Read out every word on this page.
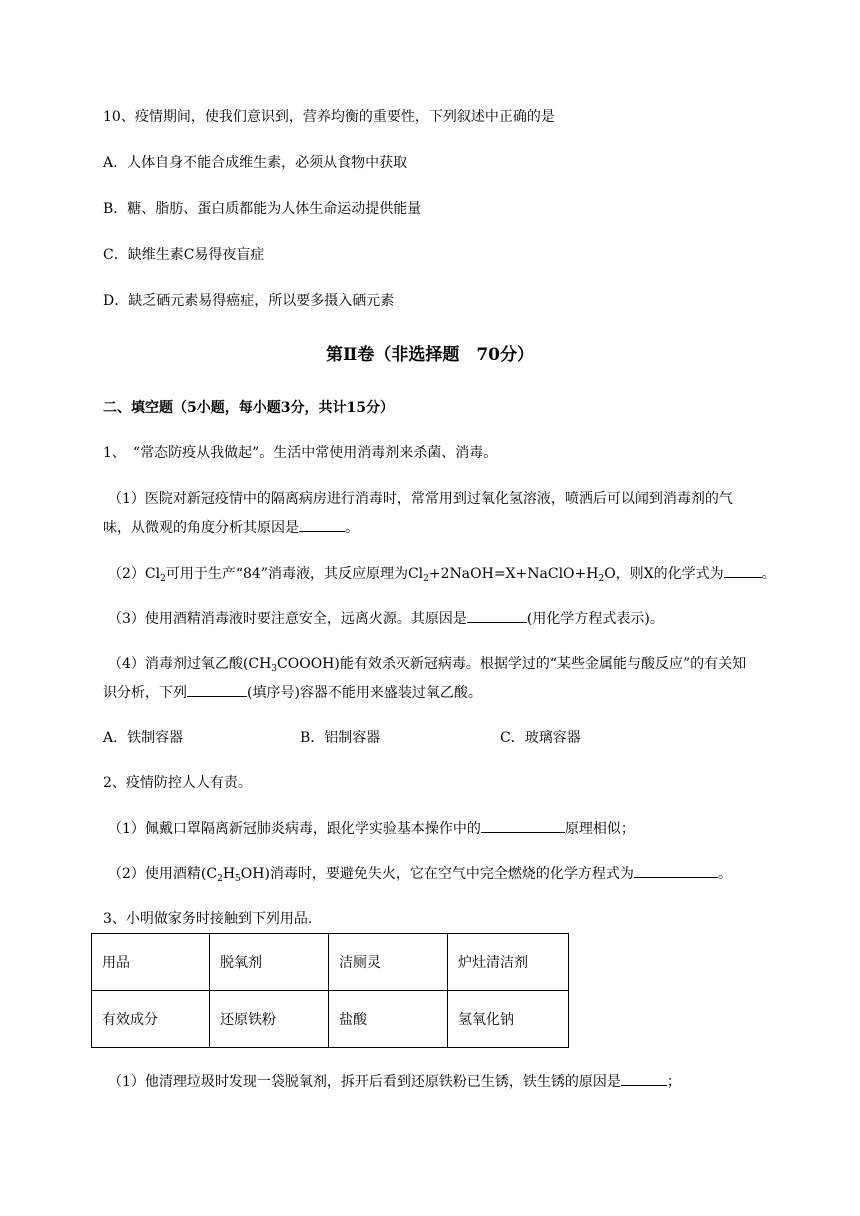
10、疫情期间，使我们意识到，营养均衡的重要性，下列叙述中正确的是
A．人体自身不能合成维生素，必须从食物中获取
B．糖、脂肪、蛋白质都能为人体生命运动提供能量
C．缺维生素C易得夜盲症
D．缺乏硒元素易得癌症，所以要多摄入硒元素
第Ⅱ卷（非选择题　70分）
二、填空题（5小题，每小题3分，共计15分）
1、　“常态防疫从我做起”。生活中常使用消毒剂来杀菌、消毒。
（1）医院对新冠疫情中的隔离病房进行消毒时，常常用到过氧化氢溶液，喷洒后可以闻到消毒剂的气
味，从微观的角度分析其原因是	。
$(2)Cl_2$可用于生产“84”消毒液，其反应原理为$Cl_2+2NaOH=X+NaClO+H_2O$，则X的化学式为	。
（3）使用酒精消毒液时要注意安全，远离火源。其原因是	(用化学方程式表示)。
（4）消毒剂过氧乙酸$(CH_3COOOH)$能有效杀灭新冠病毒。根据学过的“某些金属能与酸反应”的有关知
识分析，下列	(填序号)容器不能用来盛装过氧乙酸。
A．铁制容器	B．铝制容器	C．玻璃容器
2、疫情防控人人有责。
（1）佩戴口罩隔离新冠肺炎病毒，跟化学实验基本操作中的	原理相似；
（2）使用酒精$(C_2H_5OH)$消毒时，要避免失火，它在空气中完全燃烧的化学方程式为	。
3、小明做家务时接触到下列用品.
用品	脱氧剂	洁厕灵	炉灶清洁剂
有效成分	还原铁粉	盐酸	氢氧化钠
（1）他清理垃圾时发现一袋脱氧剂，拆开后看到还原铁粉已生锈，铁生锈的原因是	；
